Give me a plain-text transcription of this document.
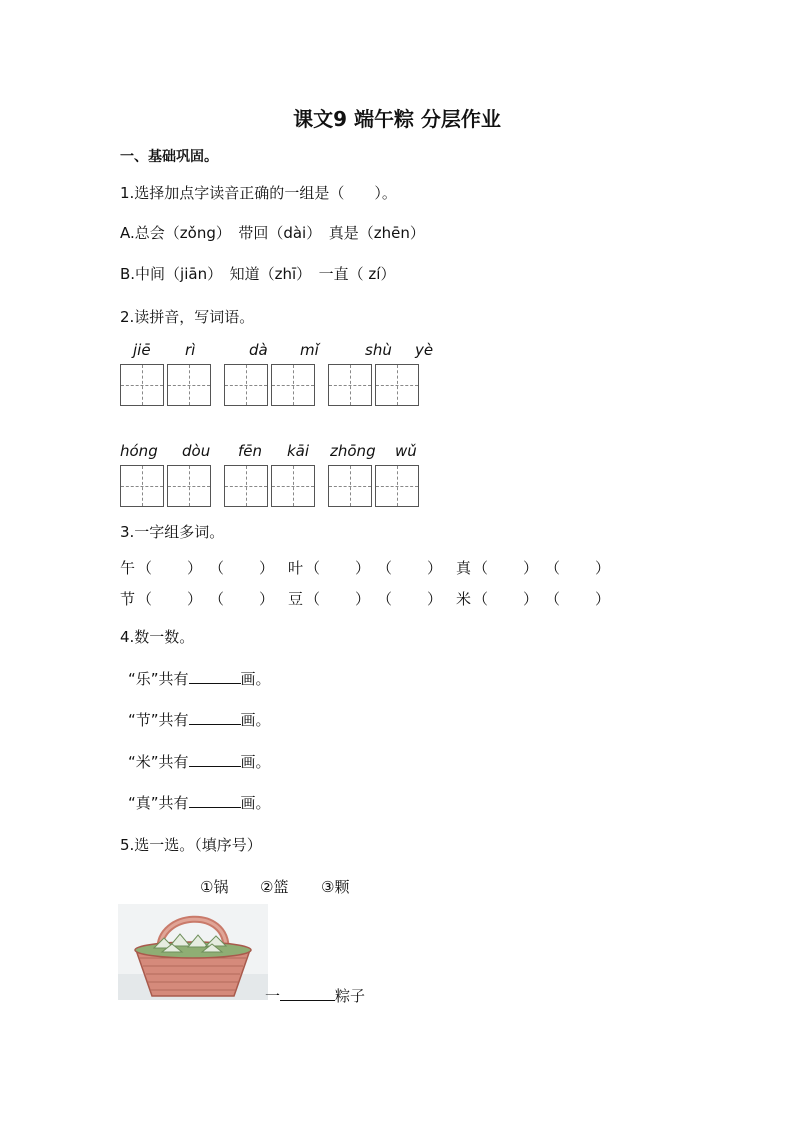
课文9 端午粽 分层作业
一、基础巩固。
1.选择加点字读音正确的一组是（　　）。
A.总会（zǒng）　带回（dài）　真是（zhēn）
B.中间（jiān）　知道（zhī）　一直（ zí）
2.读拼音，写词语。
jiē rì	dà mǐ	shù yè
hóng dòu fēn kāi zhōng wǔ
3.一字组多词。
午 （ ） （ ） 叶 （ ） （ ） 真 （ ） （ ）
节 （ ） （ ） 豆 （ ） （ ） 米 （ ） （ ）
4.数一数。
“乐”共有	画。
“节”共有	画。
“米”共有	画。
“真”共有	画。
5.选一选。（填序号）
①锅 ②篮 ③颗
一	粽子
